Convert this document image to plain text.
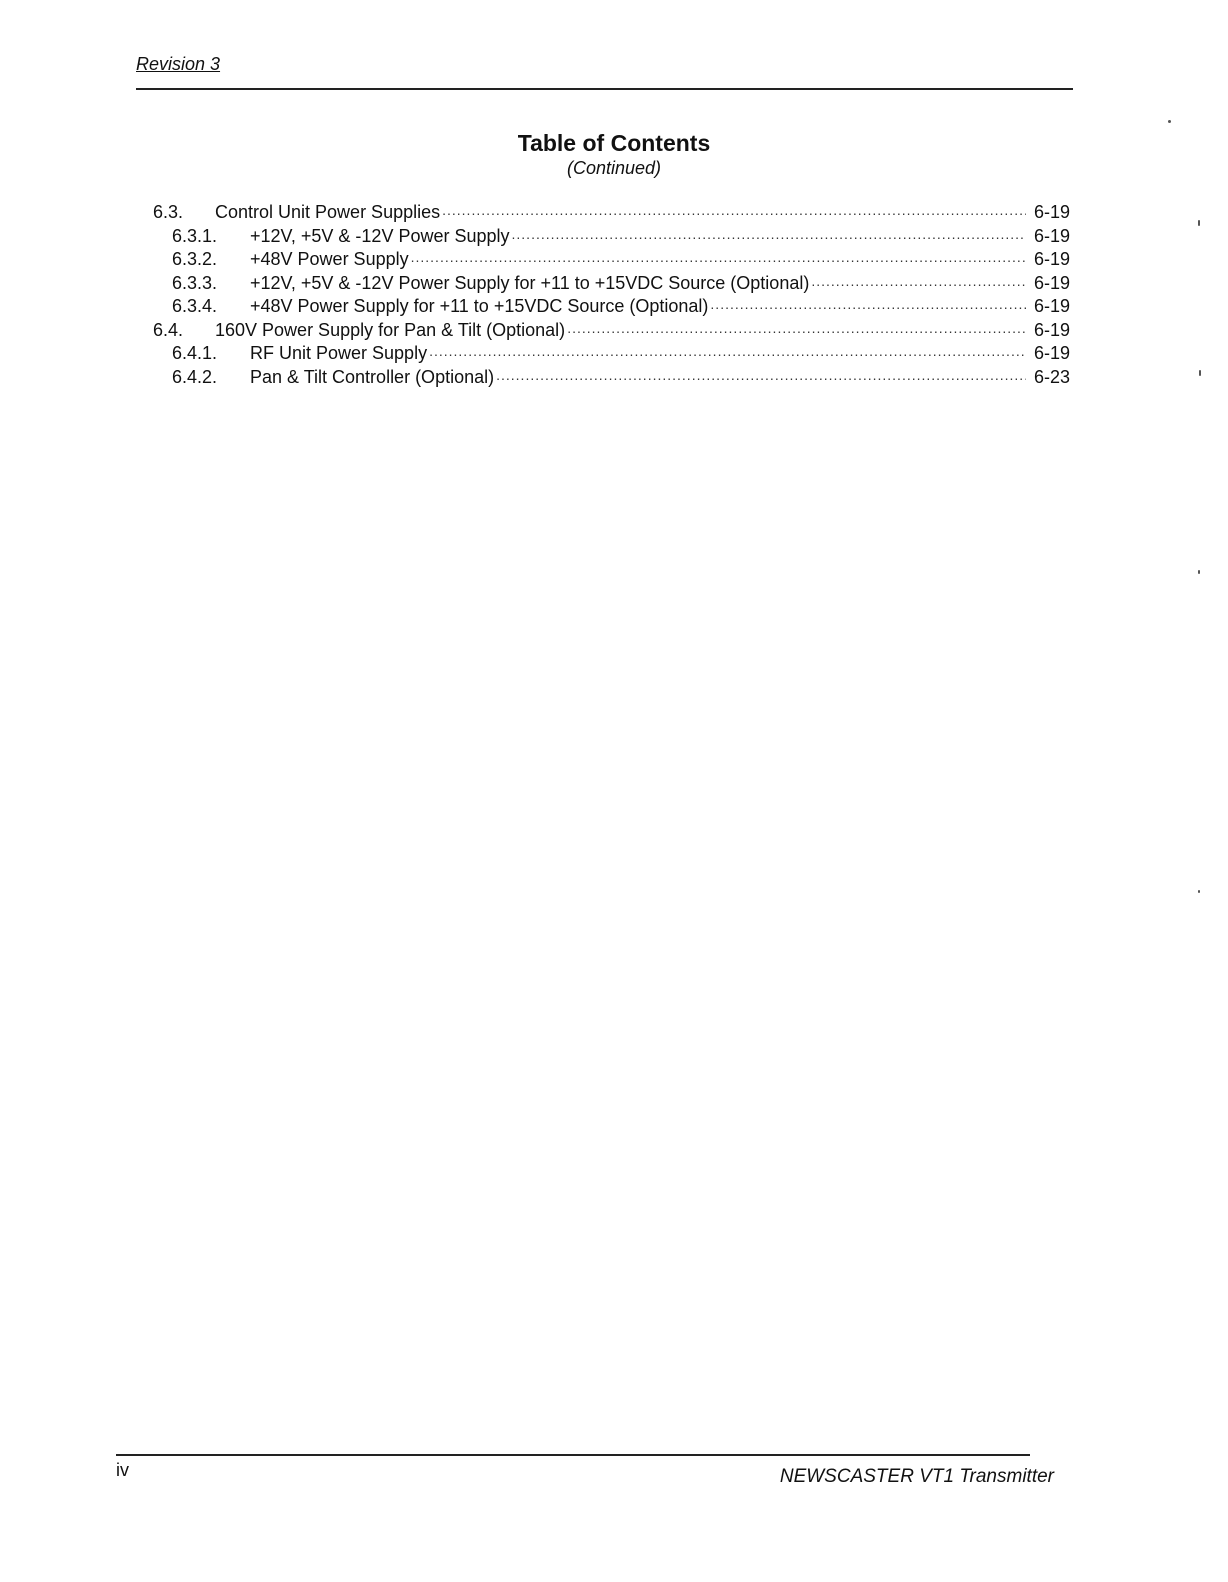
Revision 3
Table of Contents
(Continued)
6.3.	Control Unit Power Supplies .....	6-19
6.3.1.	+12V, +5V & -12V Power Supply .....	6-19
6.3.2.	+48V Power Supply .....	6-19
6.3.3.	+12V, +5V & -12V Power Supply for +11 to +15VDC Source (Optional) .....	6-19
6.3.4.	+48V Power Supply for +11 to +15VDC Source (Optional) .....	6-19
6.4.	160V Power Supply for Pan & Tilt (Optional) .....	6-19
6.4.1.	RF Unit Power Supply .....	6-19
6.4.2.	Pan & Tilt Controller (Optional) .....	6-23
iv	NEWSCASTER VT1 Transmitter
